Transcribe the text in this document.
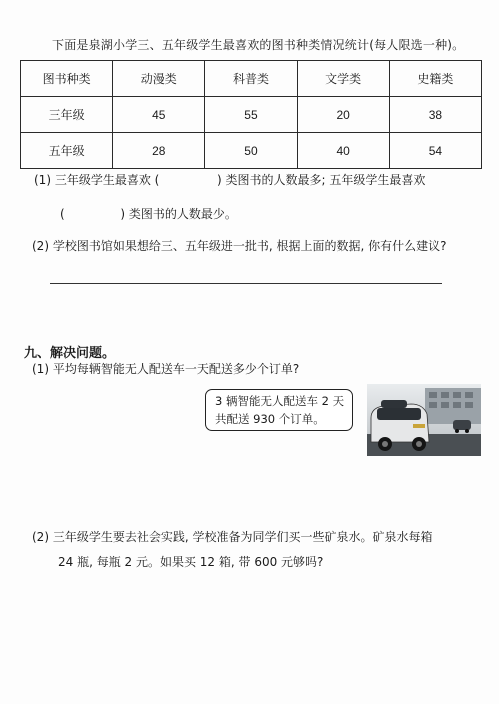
下面是泉湖小学三、五年级学生最喜欢的图书种类情况统计(每人限选一种)。
图书种类	动漫类	科普类	文学类	史籍类
三年级	45	55	20	38
五年级	28	50	40	54
(1) 三年级学生最喜欢 (	) 类图书的人数最多; 五年级学生最喜欢
(	) 类图书的人数最少。
(2) 学校图书馆如果想给三、五年级进一批书, 根据上面的数据, 你有什么建议?
九、解决问题。
(1) 平均每辆智能无人配送车一天配送多少个订单?
3 辆智能无人配送车 2 天
共配送 930 个订单。
(2) 三年级学生要去社会实践, 学校准备为同学们买一些矿泉水。矿泉水每箱
24 瓶, 每瓶 2 元。如果买 12 箱, 带 600 元够吗?
